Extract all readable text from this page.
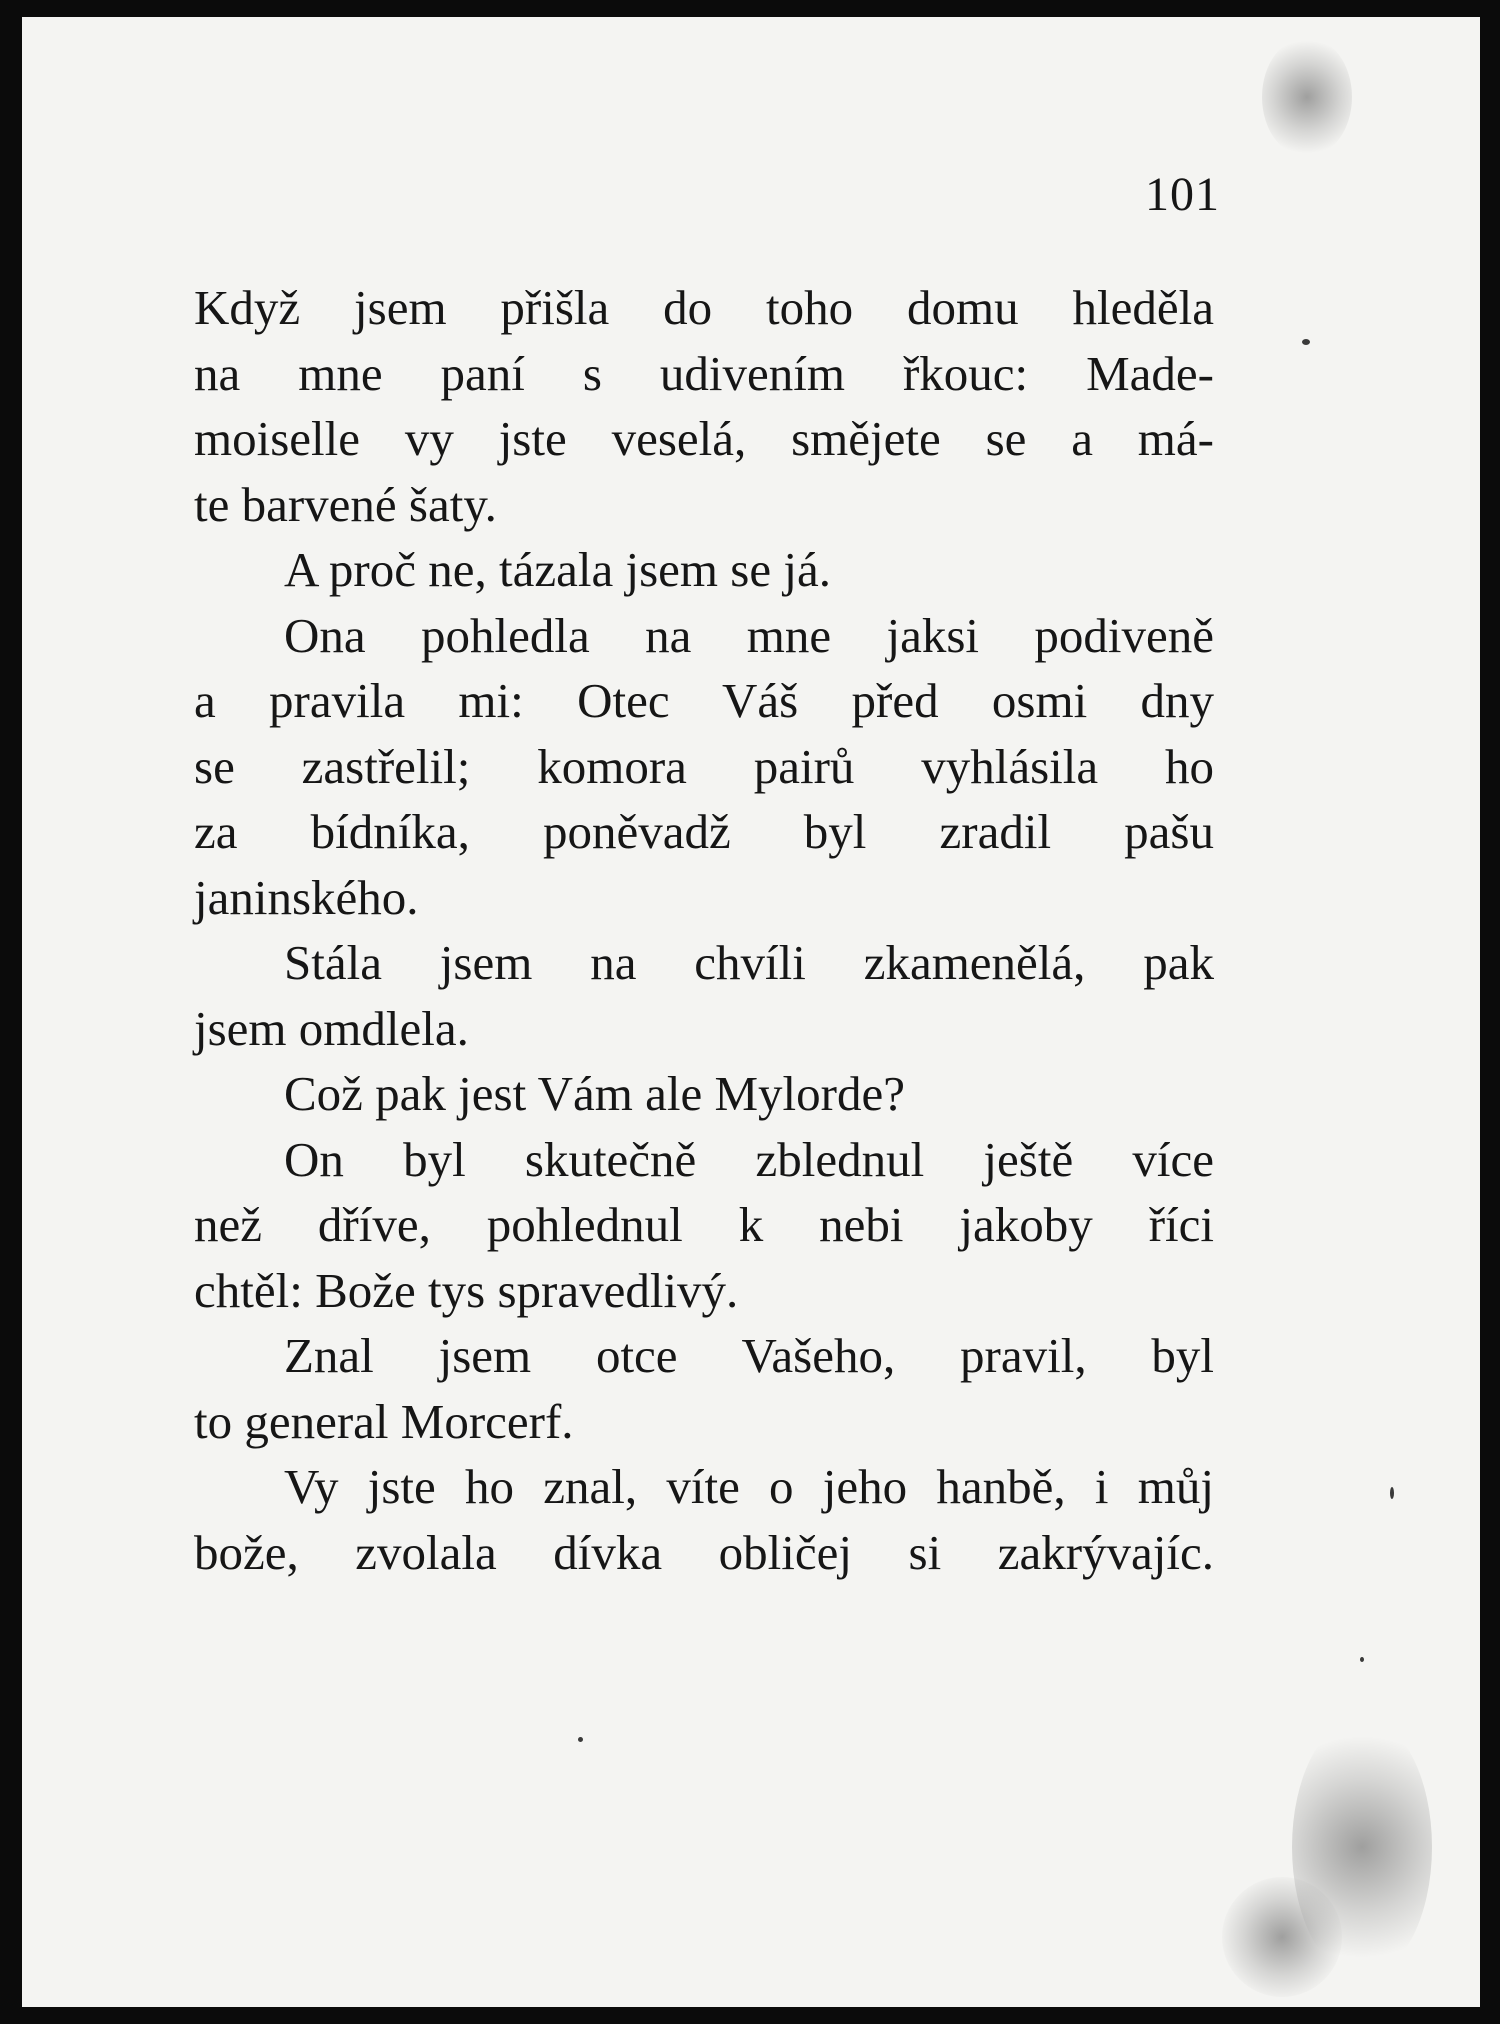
101

Když jsem přišla do toho domu hleděla
na mne paní s udivením řkouc: Made-
moiselle vy jste veselá, smějete se a má-
te barvené šaty.
A proč ne, tázala jsem se já.
Ona pohledla na mne jaksi podiveně
a pravila mi: Otec Váš před osmi dny
se zastřelil; komora pairů vyhlásila ho
za bídníka, poněvadž byl zradil pašu
janinského.
Stála jsem na chvíli zkamenělá, pak
jsem omdlela.
Což pak jest Vám ale Mylorde?
On byl skutečně zblednul ještě více
než dříve, pohlednul k nebi jakoby říci
chtěl: Bože tys spravedlivý.
Znal jsem otce Vašeho, pravil, byl
to general Morcerf.
Vy jste ho znal, víte o jeho hanbě, i můj
bože, zvolala dívka obličej si zakrývajíc.
